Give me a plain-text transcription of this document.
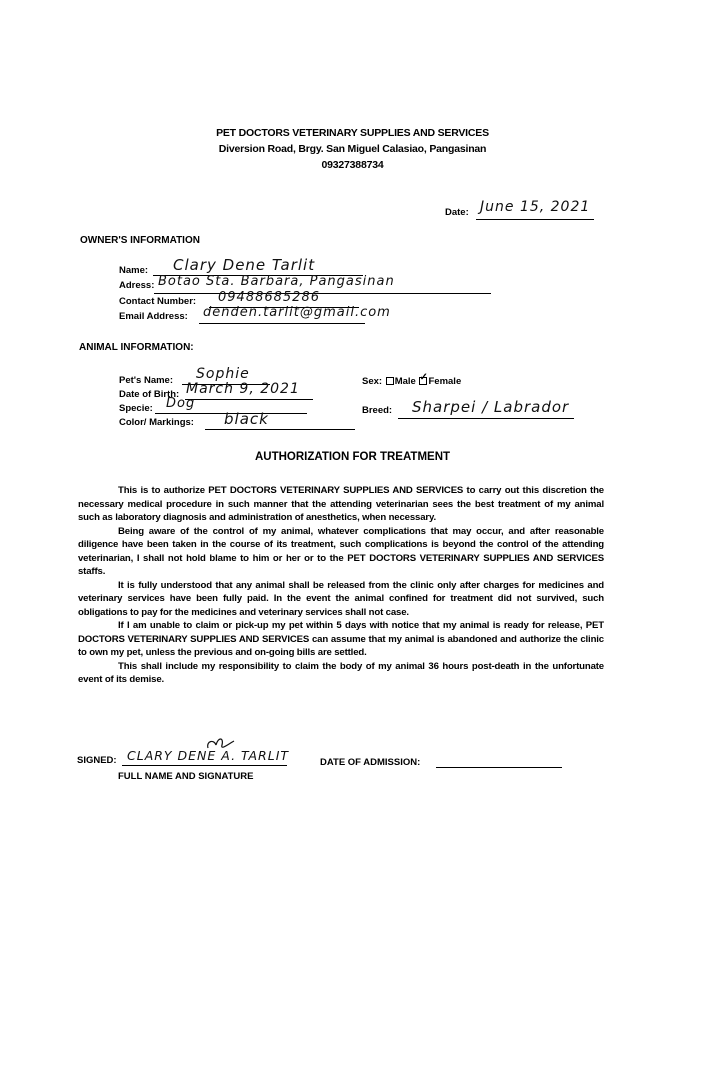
PET DOCTORS VETERINARY SUPPLIES AND SERVICES
Diversion Road, Brgy. San Miguel Calasiao, Pangasinan
09327388734
Date: June 15, 2021
OWNER'S INFORMATION
Name: Clary Dene Tarlit
Adress: Botao Sta. Barbara, Pangasinan
Contact Number: 09488685286
Email Address: denden.tarlit@gmail.com
ANIMAL INFORMATION:
Pet's Name: Sophie
Date of Birth: March 9, 2021
Specie: Dog
Color/ Markings: black
Sex: Male ✓ Female
Breed: Sharpei / Labrador
AUTHORIZATION FOR TREATMENT

This is to authorize PET DOCTORS VETERINARY SUPPLIES AND SERVICES to carry out this discretion the necessary medical procedure in such manner that the attending veterinarian sees the best treatment of my animal such as laboratory diagnosis and administration of anesthetics, when necessary.

Being aware of the control of my animal, whatever complications that may occur, and after reasonable diligence have been taken in the course of its treatment, such complications is beyond the control of the attending veterinarian, I shall not hold blame to him or her or to the PET DOCTORS VETERINARY SUPPLIES AND SERVICES staffs.

It is fully understood that any animal shall be released from the clinic only after charges for medicines and veterinary services have been fully paid. In the event the animal confined for treatment did not survived, such obligations to pay for the medicines and veterinary services shall not case.

If I am unable to claim or pick-up my pet within 5 days with notice that my animal is ready for release, PET DOCTORS VETERINARY SUPPLIES AND SERVICES can assume that my animal is abandoned and authorize the clinic to own my pet, unless the previous and on-going bills are settled.

This shall include my responsibility to claim the body of my animal 36 hours post-death in the unfortunate event of its demise.

SIGNED: CLARY DENE A. TARLIT
FULL NAME AND SIGNATURE
DATE OF ADMISSION:
